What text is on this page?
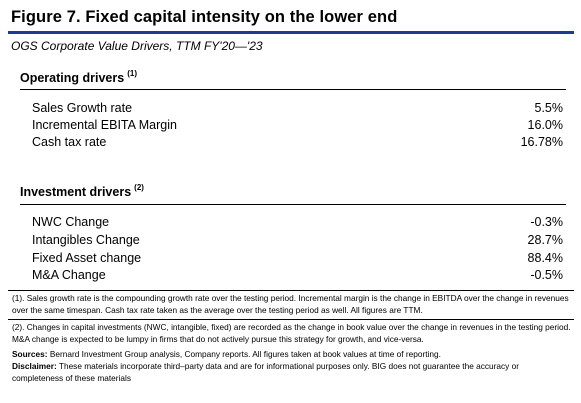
Figure 7. Fixed capital intensity on the lower end
OGS Corporate Value Drivers, TTM FY'20—'23
Operating drivers $^{(1)}$
Sales Growth rate	5.5%
Incremental EBITA Margin	16.0%
Cash tax rate	16.78%
Investment drivers $^{(2)}$
NWC Change	-0.3%
Intangibles Change	28.7%
Fixed Asset change	88.4%
M&A Change	-0.5%
(1). Sales growth rate is the compounding growth rate over the testing period. Incremental margin is the change in EBITDA over the change in revenues over the same timespan. Cash tax rate taken as the average over the testing period as well. All figures are TTM.
(2). Changes in capital investments (NWC, intangible, fixed) are recorded as the change in book value over the change in revenues in the testing period. M&A change is expected to be lumpy in firms that do not actively pursue this strategy for growth, and vice-versa.
Sources: Bernard Investment Group analysis, Company reports. All figures taken at book values at time of reporting.
Disclaimer: These materials incorporate third–party data and are for informational purposes only. BIG does not guarantee the accuracy or completeness of these materials
